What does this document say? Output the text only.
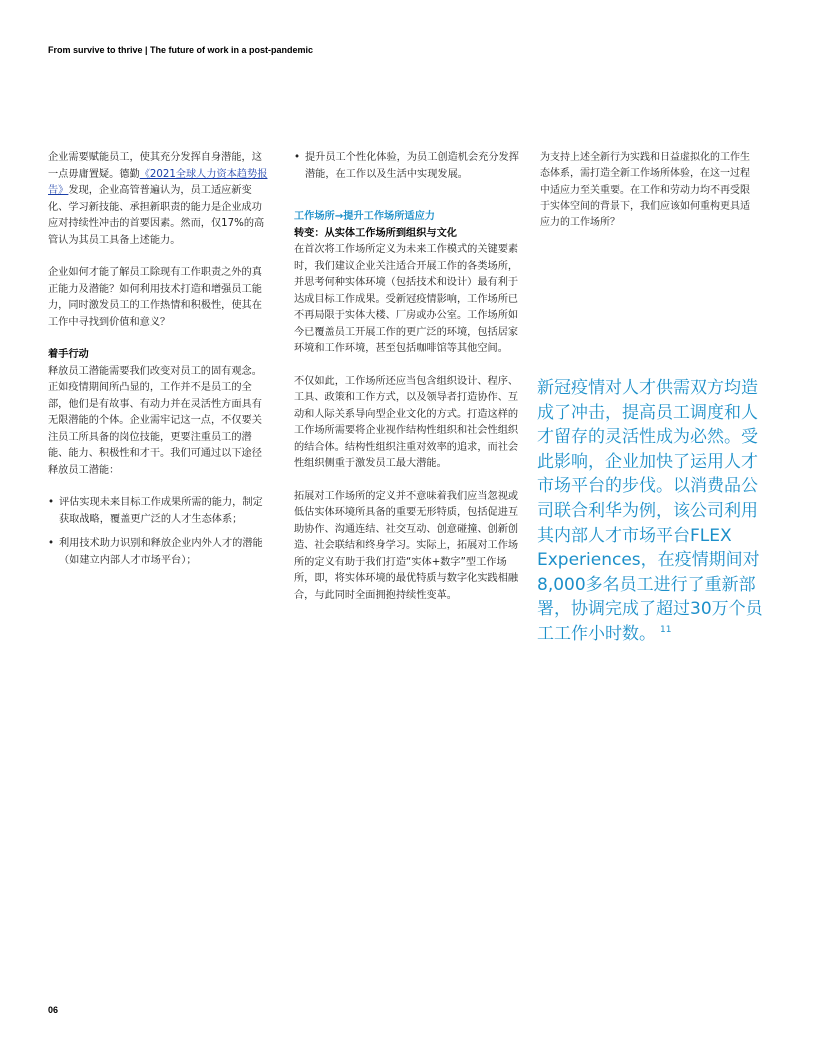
From survive to thrive | The future of work in a post-pandemic

企业需要赋能员工，使其充分发挥自身潜能，这一点毋庸置疑。德勤《2021全球人力资本趋势报告》发现，企业高管普遍认为，员工适应新变化、学习新技能、承担新职责的能力是企业成功应对持续性冲击的首要因素。然而，仅17%的高管认为其员工具备上述能力。

企业如何才能了解员工除现有工作职责之外的真正能力及潜能？如何利用技术打造和增强员工能力，同时激发员工的工作热情和积极性，使其在工作中寻找到价值和意义？

着手行动

释放员工潜能需要我们改变对员工的固有观念。正如疫情期间所凸显的，工作并不是员工的全部，他们是有故事、有动力并在灵活性方面具有无限潜能的个体。企业需牢记这一点，不仅要关注员工所具备的岗位技能，更要注重员工的潜能、能力、积极性和才干。我们可通过以下途径释放员工潜能：

• 评估实现未来目标工作成果所需的能力，制定获取战略，覆盖更广泛的人才生态体系；
• 利用技术助力识别和释放企业内外人才的潜能（如建立内部人才市场平台）；
• 提升员工个性化体验，为员工创造机会充分发挥潜能，在工作以及生活中实现发展。

工作场所→提升工作场所适应力

转变：从实体工作场所到组织与文化

在首次将工作场所定义为未来工作模式的关键要素时，我们建议企业关注适合开展工作的各类场所，并思考何种实体环境（包括技术和设计）最有利于达成目标工作成果。受新冠疫情影响，工作场所已不再局限于实体大楼、厂房或办公室。工作场所如今已覆盖员工开展工作的更广泛的环境，包括居家环境和工作环境，甚至包括咖啡馆等其他空间。

不仅如此，工作场所还应当包含组织设计、程序、工具、政策和工作方式，以及领导者打造协作、互动和人际关系导向型企业文化的方式。打造这样的工作场所需要将企业视作结构性组织和社会性组织的结合体。结构性组织注重对效率的追求，而社会性组织侧重于激发员工最大潜能。

拓展对工作场所的定义并不意味着我们应当忽视或低估实体环境所具备的重要无形特质，包括促进互助协作、沟通连结、社交互动、创意碰撞、创新创造、社会联结和终身学习。实际上，拓展对工作场所的定义有助于我们打造“实体+数字”型工作场所，即，将实体环境的最优特质与数字化实践相融合，与此同时全面拥抱持续性变革。

为支持上述全新行为实践和日益虚拟化的工作生态体系，需打造全新工作场所体验，在这一过程中适应力至关重要。在工作和劳动力均不再受限于实体空间的背景下，我们应该如何重构更具适应力的工作场所？

新冠疫情对人才供需双方均造成了冲击，提高员工调度和人才留存的灵活性成为必然。受此影响，企业加快了运用人才市场平台的步伐。以消费品公司联合利华为例，该公司利用其内部人才市场平台FLEX Experiences，在疫情期间对8,000多名员工进行了重新部署，协调完成了超过30万个员工工作小时数。 $^{11}$
06
